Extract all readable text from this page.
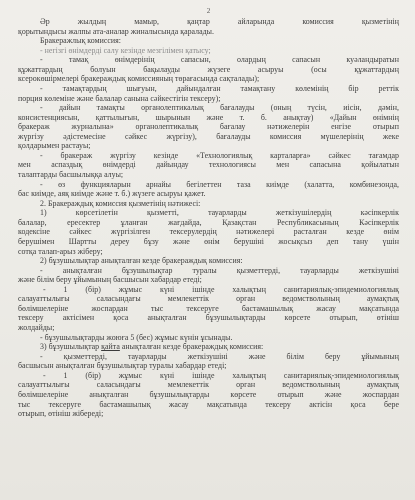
2
Әр жылдың мамыр, қаңтар айларында комиссия қызметінің
қорытындысы жалпы ата-аналар жиналысында қаралады.
Бракеражлық комиссия:
- негізгі өнімдерді салу кезінде мезгілімен қатысу;
- тамақ өнімдерінің сапасын, олардың сапасын куәландыратын
құжаттардың болуын бақылауды жүзеге асыруы (осы құжаттардың
ксерокөшірмелері бракераждық комиссияның төрағасында сақталады);
- тамақтардың шығуын, дайындалған тамақтану көлемінің бір реттік
порция көлеміне және балалар санына сәйкестігін тексеру);
- дайын тамақты органолептикалық бағалауды (оның түсін, иісін, дәмін,
консистенциясын, қаттылығын, шырынын және т. б. анықтау) «Дайын өнімнің
бракераж журналына» органолептикалық бағалау нәтижелерін енгізе отырып
жүргізу әдістемесіне сәйкес жүргізу), бағалауды комиссия мүшелерінің жеке
қолдарымен растауы;
- бракераж жүргізу кезінде «Технологиялық карталарға» сәйкес тағамдар
мен аспаздық өнімдерді дайындау технологиясы мен сапасына қойылатын
талаптарды басшылыққа алуы;
- өз функцияларын арнайы бегілеттен таза киімде (халатта, комбинезонда,
бас киімде, аяқ киімде және т. б.) жүзеге асыруы қажет.
2. Бракераждық комиссия қызметінің нәтижесі:
1) көрсетілетін қызметті, тауарларды жеткізушілердің кәсіпкерлік
балалар, ересектер ұланған жағдайда, Қазақстан Республикасының Кәсіпкерлік
кодексіне сәйкес жүргізілген тексерулердің нәтижелері расталған кезде өнім
берушімен Шартты дереу бұзу және өнім берушіні жосықсыз деп тану үшін
сотқа талап-арыз жіберу;
2) бұзушылықтар анықталған кезде бракераждық комиссия:
- анықталған бұзушылықтар туралы қызметтерді, тауарларды жеткізушіні
және білім беру ұйымының басшысын хабардар етеді;
- 1 (бір) жұмыс күні ішінде халықтың санитариялық-эпидемиологиялық
салауаттылығы саласындағы мемлекеттік орган ведомстволының аумақтық
бөлімшелеріне жоспардан тыс тексеруге бастамашылық жасау мақсатында
тексеру актісімен қоса анықталған бұзушылықтарды көрсете отырып, өтініш
жолдайды;
- бұзушылықтарды жоюға 5 (бес) жұмыс күнін ұсынады.
3) бұзушылықтар қайта анықталған кезде бракераждық комиссия:
- қызметтерді, тауарларды жеткізушіні және білім беру ұйымының
басшысын анықталған бұзушылықтар туралы хабардар етеді;
- 1 (бір) жұмыс күні ішінде халықтың санитариялық-эпидемиологиялық
салауаттылығы саласындағы мемлекеттік орган ведомстволының аумақтық
бөлімшелеріне анықталған бұзушылықтарды көрсете отырып және жоспардан
тыс тексеруге бастамашылық жасау мақсатында тексеру актісін қоса бере
отырып, өтініш жібереді;
